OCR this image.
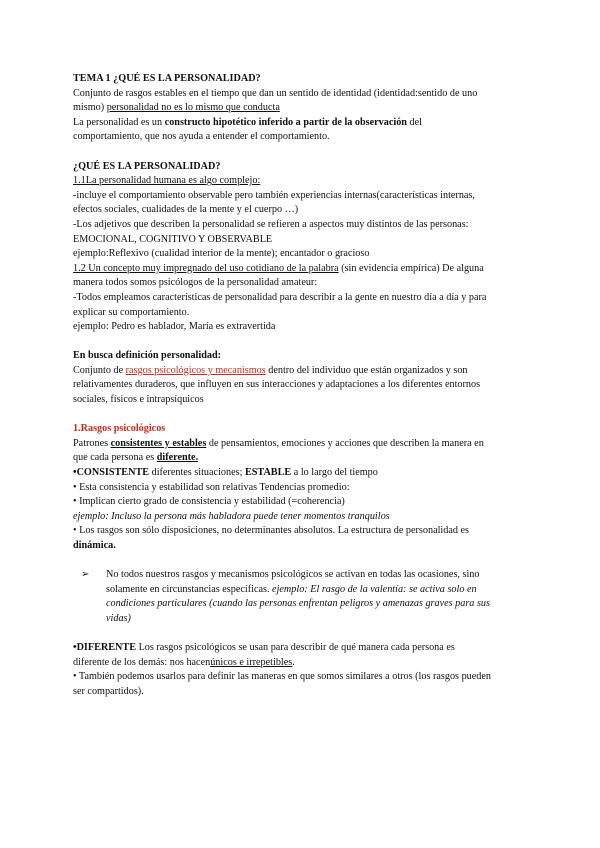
TEMA 1 ¿QUÉ ES LA PERSONALIDAD?

Conjunto de rasgos estables en el tiempo que dan un sentido de identidad (identidad:sentido de uno

mismo) personalidad no es lo mismo que conducta

La personalidad es un constructo hipotético inferido a partir de la observación del

comportamiento, que nos ayuda a entender el comportamiento.

¿QUÉ ES LA PERSONALIDAD?

1.1La personalidad humana es algo complejo:

-incluye el comportamiento observable pero también experiencias internas(características internas,

efectos sociales, cualidades de la mente y el cuerpo …)

-Los adjetivos que describen la personalidad se refieren a aspectos muy distintos de las personas:

EMOCIONAL, COGNITIVO Y OBSERVABLE

ejemplo:Reflexivo (cualidad interior de la mente); encantador o gracioso

1.2 Un concepto muy impregnado del uso cotidiano de la palabra (sin evidencia empírica) De alguna

manera todos somos psicólogos de la personalidad amateur:

-Todos empleamos características de personalidad para describir a la gente en nuestro día a día y para

explicar su comportamiento.

ejemplo: Pedro es hablador, María es extravertida

En busca definición personalidad:

Conjunto de rasgos psicológicos y mecanismos dentro del individuo que están organizados y son

relativamentes duraderos, que influyen en sus interacciones y adaptaciones a los diferentes entornos

sociales, físicos e intrapsíquicos

1.Rasgos psicológicos

Patrones consistentes y estables de pensamientos, emociones y acciones que describen la manera en

que cada persona es diferente.

•CONSISTENTE diferentes situaciones; ESTABLE a lo largo del tiempo

• Esta consistencia y estabilidad son relativas Tendencias promedio:

• Implican cierto grado de consistencia y estabilidad (=coherencia)

ejemplo: Incluso la persona más habladora puede tener momentos tranquilos

• Los rasgos son sólo disposiciones, no determinantes absolutos. La estructura de personalidad es

dinámica.

➢ No todos nuestros rasgos y mecanismos psicológicos se activan en todas las ocasiones, sino

solamente en circunstancias específicas. ejemplo: El rasgo de la valentía: se activa solo en

condiciones particulares (cuando las personas enfrentan peligros y amenazas graves para sus

vidas)

•DIFERENTE Los rasgos psicológicos se usan para describir de qué manera cada persona es

diferente de los demás: nos hacenúnicos e irrepetibles.

• También podemos usarlos para definir las maneras en que somos similares a otros (los rasgos pueden

ser compartidos).
